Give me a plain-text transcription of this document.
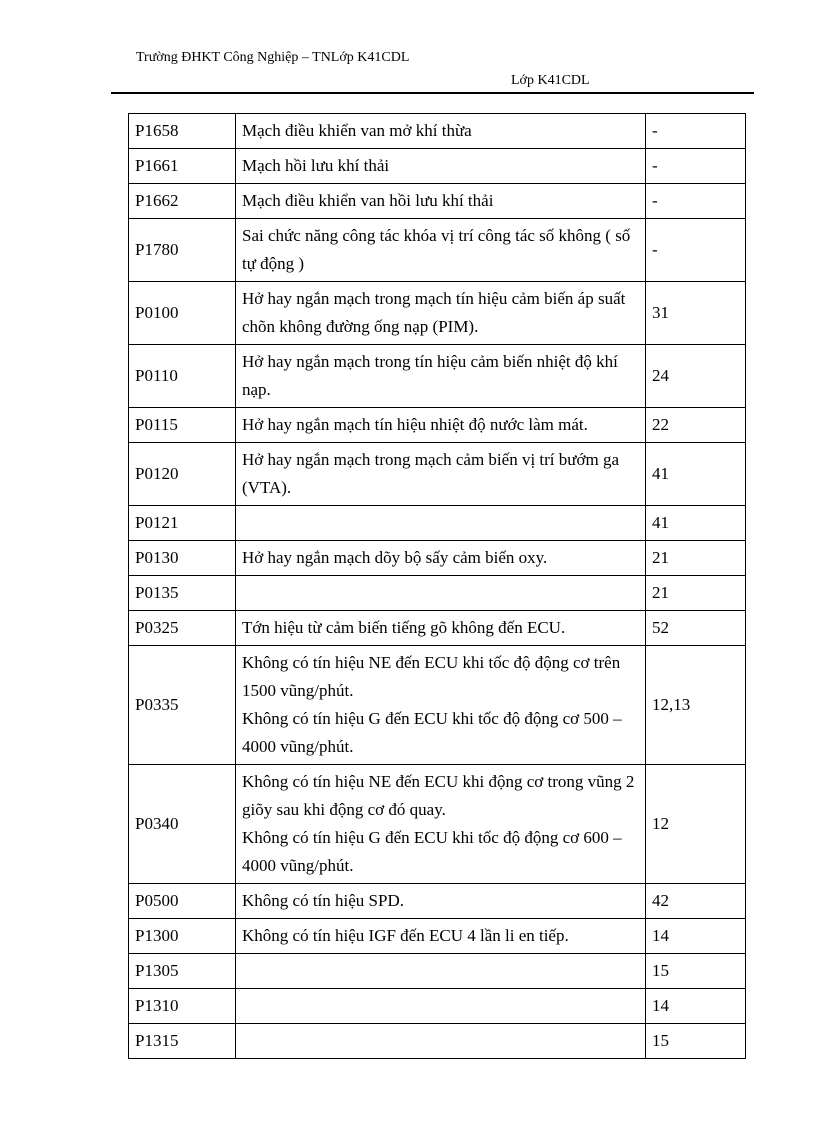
Trường ĐHKT Công Nghiệp – TNLớp K41CDL
Lớp K41CDL
P1658	Mạch điều khiển van mở khí thừa	-
P1661	Mạch hồi lưu khí thải	-
P1662	Mạch điều khiển van hồi lưu khí thải	-
P1780	Sai chức năng công tác khóa vị trí công tác số không ( số tự động )	-
P0100	Hở hay ngắn mạch trong mạch tín hiệu cảm biến áp suất chõn không đường ống nạp (PIM).	31
P0110	Hở hay ngắn mạch trong tín hiệu cảm biến nhiệt độ khí nạp.	24
P0115	Hở hay ngắn mạch tín hiệu nhiệt độ nước làm mát.	22
P0120	Hở hay ngắn mạch trong mạch cảm biến vị trí bướm ga (VTA).	41
P0121		41
P0130	Hở hay ngắn mạch dõy bộ sấy cảm biến oxy.	21
P0135		21
P0325	Tớn hiệu từ cảm biến tiếng gõ không đến ECU.	52
P0335	Không có tín hiệu NE đến ECU khi tốc độ động cơ trên 1500 vũng/phút.
Không có tín hiệu G đến ECU khi tốc độ động cơ 500 – 4000 vũng/phút.	12,13
P0340	Không có tín hiệu NE đến ECU khi động cơ trong vũng 2 giõy sau khi động cơ đó quay.
Không có tín hiệu G đến ECU khi tốc độ động cơ 600 – 4000 vũng/phút.	12
P0500	Không có tín hiệu SPD.	42
P1300	Không có tín hiệu IGF đến ECU 4 lần li en tiếp.	14
P1305		15
P1310		14
P1315		15
